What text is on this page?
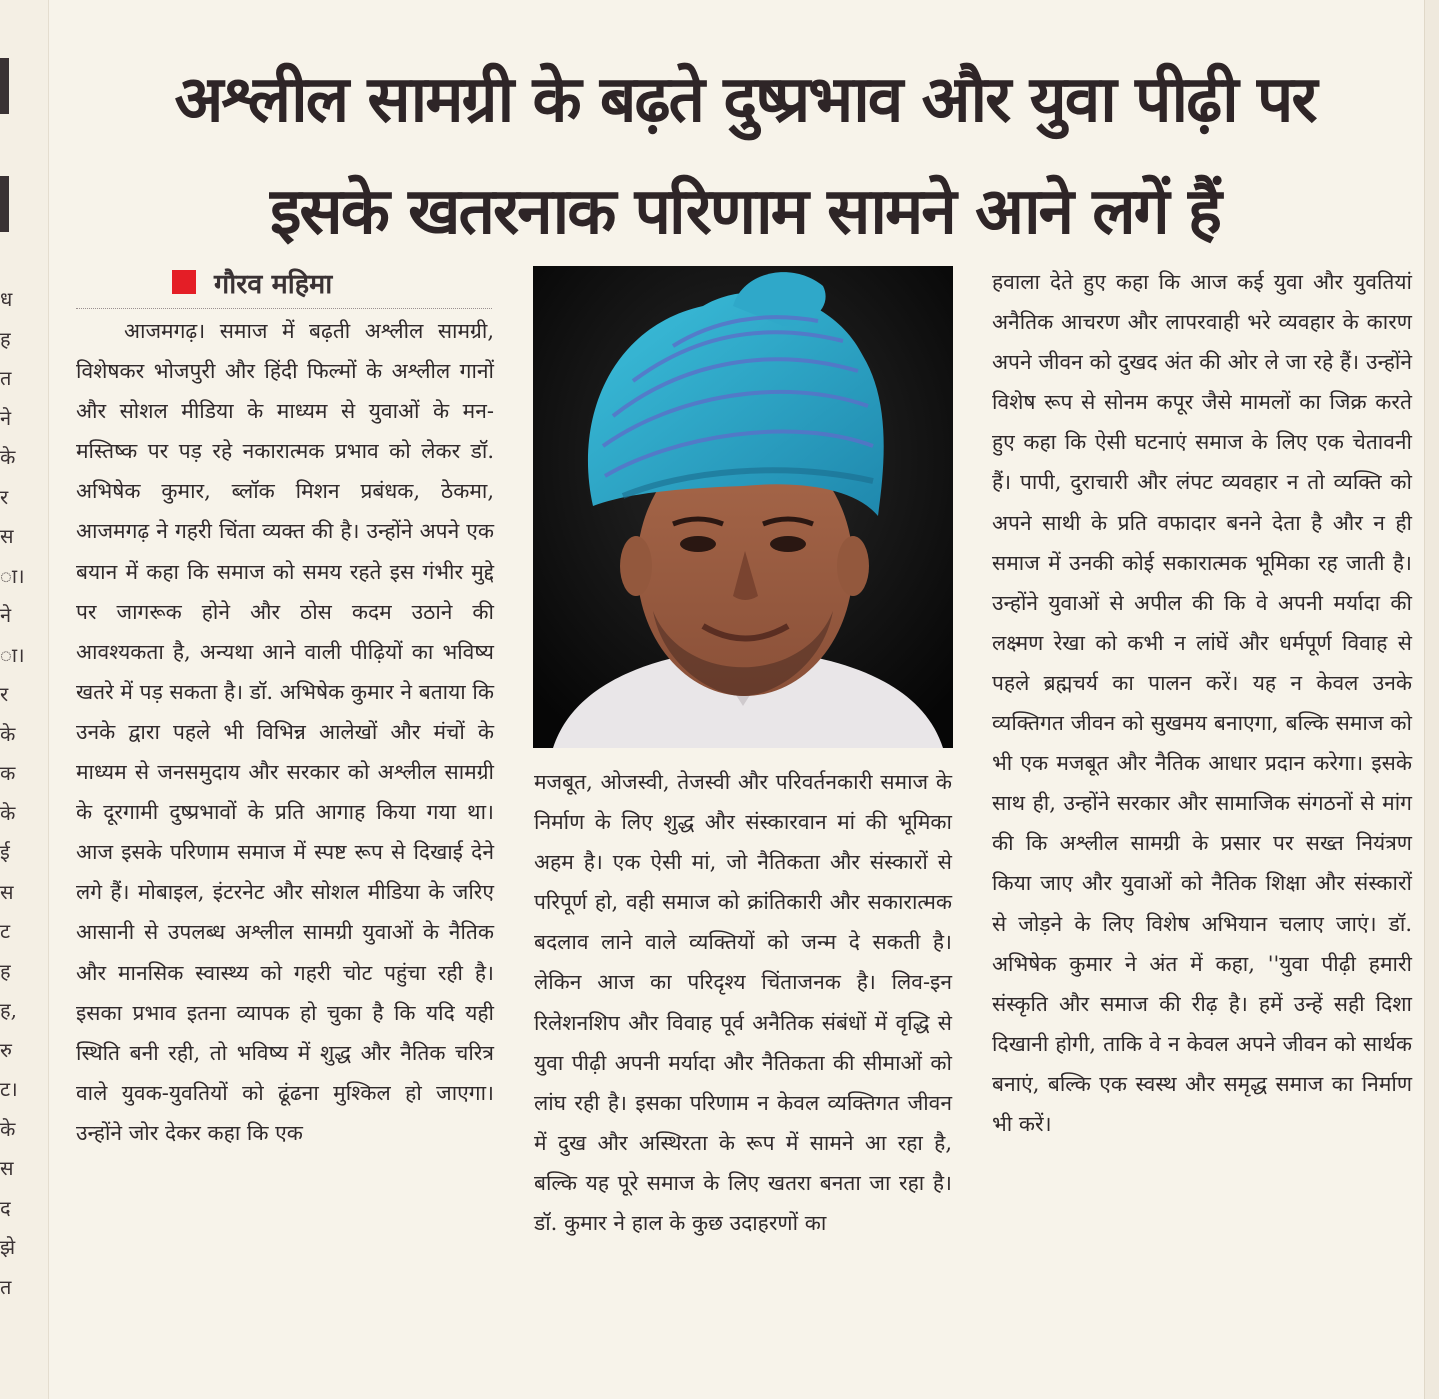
ध
ह
त
ने
के
र
स
ा।
ने
ा।
र
के
क
के
ई
स
ट
ह
ह,
रु
ट।
के
स
द
झे
त
अश्लील सामग्री के बढ़ते दुष्प्रभाव और युवा पीढ़ी पर
इसके खतरनाक परिणाम सामने आने लगें हैं
गौरव महिमा

आजमगढ़। समाज में बढ़ती अश्लील सामग्री, विशेषकर भोजपुरी और हिंदी फिल्मों के अश्लील गानों और सोशल मीडिया के माध्यम से युवाओं के मन-मस्तिष्क पर पड़ रहे नकारात्मक प्रभाव को लेकर डॉ. अभिषेक कुमार, ब्लॉक मिशन प्रबंधक, ठेकमा, आजमगढ़ ने गहरी चिंता व्यक्त की है। उन्होंने अपने एक बयान में कहा कि समाज को समय रहते इस गंभीर मुद्दे पर जागरूक होने और ठोस कदम उठाने की आवश्यकता है, अन्यथा आने वाली पीढ़ियों का भविष्य खतरे में पड़ सकता है। डॉ. अभिषेक कुमार ने बताया कि उनके द्वारा पहले भी विभिन्न आलेखों और मंचों के माध्यम से जनसमुदाय और सरकार को अश्लील सामग्री के दूरगामी दुष्प्रभावों के प्रति आगाह किया गया था। आज इसके परिणाम समाज में स्पष्ट रूप से दिखाई देने लगे हैं। मोबाइल, इंटरनेट और सोशल मीडिया के जरिए आसानी से उपलब्ध अश्लील सामग्री युवाओं के नैतिक और मानसिक स्वास्थ्य को गहरी चोट पहुंचा रही है। इसका प्रभाव इतना व्यापक हो चुका है कि यदि यही स्थिति बनी रही, तो भविष्य में शुद्ध और नैतिक चरित्र वाले युवक-युवतियों को ढूंढना मुश्किल हो जाएगा। उन्होंने जोर देकर कहा कि एक

मजबूत, ओजस्वी, तेजस्वी और परिवर्तनकारी समाज के निर्माण के लिए शुद्ध और संस्कारवान मां की भूमिका अहम है। एक ऐसी मां, जो नैतिकता और संस्कारों से परिपूर्ण हो, वही समाज को क्रांतिकारी और सकारात्मक बदलाव लाने वाले व्यक्तियों को जन्म दे सकती है। लेकिन आज का परिदृश्य चिंताजनक है। लिव-इन रिलेशनशिप और विवाह पूर्व अनैतिक संबंधों में वृद्धि से युवा पीढ़ी अपनी मर्यादा और नैतिकता की सीमाओं को लांघ रही है। इसका परिणाम न केवल व्यक्तिगत जीवन में दुख और अस्थिरता के रूप में सामने आ रहा है, बल्कि यह पूरे समाज के लिए खतरा बनता जा रहा है। डॉ. कुमार ने हाल के कुछ उदाहरणों का

हवाला देते हुए कहा कि आज कई युवा और युवतियां अनैतिक आचरण और लापरवाही भरे व्यवहार के कारण अपने जीवन को दुखद अंत की ओर ले जा रहे हैं। उन्होंने विशेष रूप से सोनम कपूर जैसे मामलों का जिक्र करते हुए कहा कि ऐसी घटनाएं समाज के लिए एक चेतावनी हैं। पापी, दुराचारी और लंपट व्यवहार न तो व्यक्ति को अपने साथी के प्रति वफादार बनने देता है और न ही समाज में उनकी कोई सकारात्मक भूमिका रह जाती है। उन्होंने युवाओं से अपील की कि वे अपनी मर्यादा की लक्ष्मण रेखा को कभी न लांघें और धर्मपूर्ण विवाह से पहले ब्रह्मचर्य का पालन करें। यह न केवल उनके व्यक्तिगत जीवन को सुखमय बनाएगा, बल्कि समाज को भी एक मजबूत और नैतिक आधार प्रदान करेगा। इसके साथ ही, उन्होंने सरकार और सामाजिक संगठनों से मांग की कि अश्लील सामग्री के प्रसार पर सख्त नियंत्रण किया जाए और युवाओं को नैतिक शिक्षा और संस्कारों से जोड़ने के लिए विशेष अभियान चलाए जाएं। डॉ. अभिषेक कुमार ने अंत में कहा, ''युवा पीढ़ी हमारी संस्कृति और समाज की रीढ़ है। हमें उन्हें सही दिशा दिखानी होगी, ताकि वे न केवल अपने जीवन को सार्थक बनाएं, बल्कि एक स्वस्थ और समृद्ध समाज का निर्माण भी करें।
